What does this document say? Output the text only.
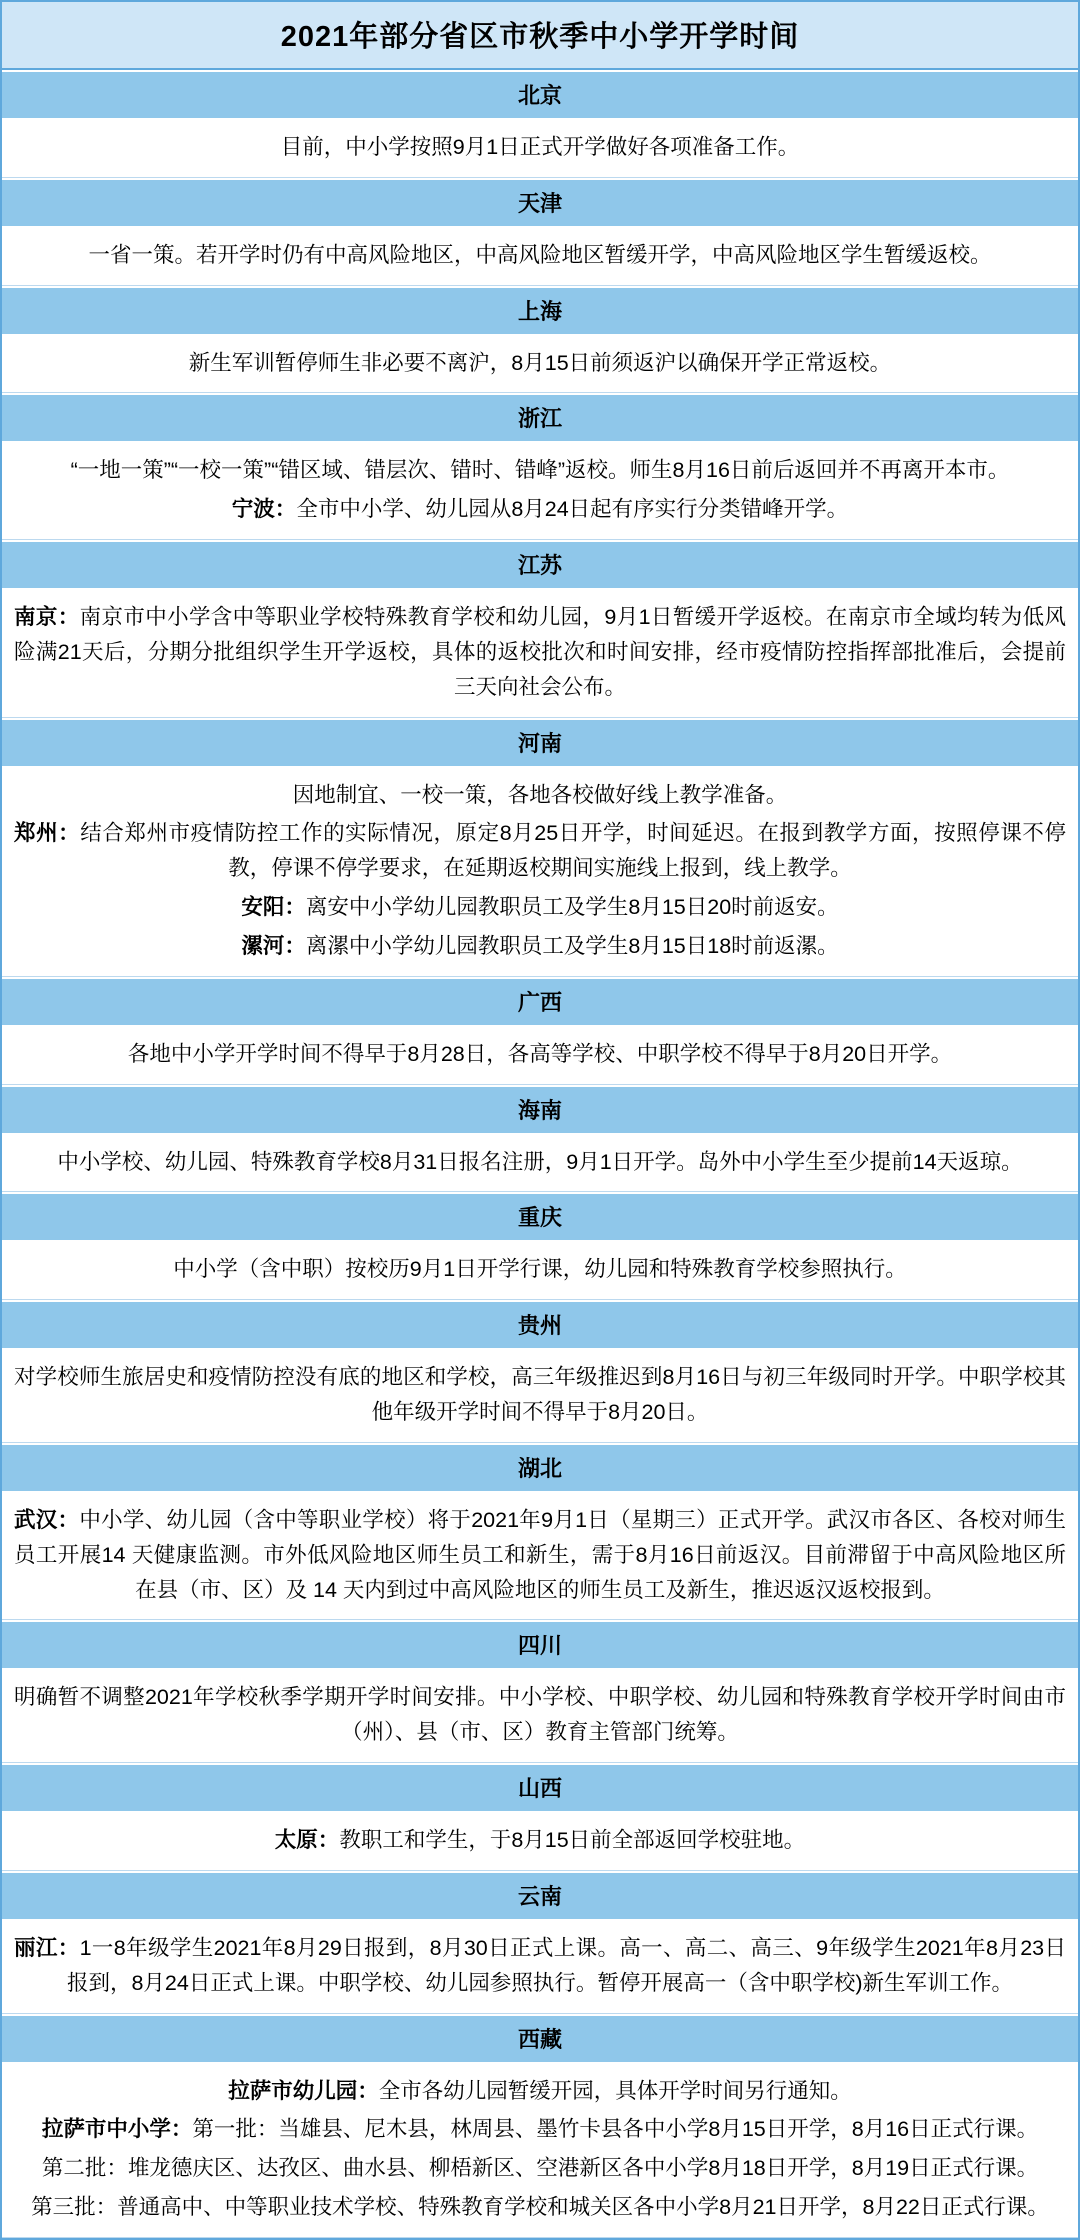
2021年部分省区市秋季中小学开学时间
北京
目前，中小学按照9月1日正式开学做好各项准备工作。
天津
一省一策。若开学时仍有中高风险地区，中高风险地区暂缓开学，中高风险地区学生暂缓返校。
上海
新生军训暂停师生非必要不离沪，8月15日前须返沪以确保开学正常返校。
浙江
“一地一策”“一校一策”“错区域、错层次、错时、错峰”返校。师生8月16日前后返回并不再离开本市。
宁波：全市中小学、幼儿园从8月24日起有序实行分类错峰开学。
江苏
南京：南京市中小学含中等职业学校特殊教育学校和幼儿园，9月1日暂缓开学返校。在南京市全域均转为低风险满21天后，分期分批组织学生开学返校，具体的返校批次和时间安排，经市疫情防控指挥部批准后，会提前三天向社会公布。
河南
因地制宜、一校一策，各地各校做好线上教学准备。
郑州：结合郑州市疫情防控工作的实际情况，原定8月25日开学，时间延迟。在报到教学方面，按照停课不停教，停课不停学要求，在延期返校期间实施线上报到，线上教学。
安阳：离安中小学幼儿园教职员工及学生8月15日20时前返安。
漯河：离漯中小学幼儿园教职员工及学生8月15日18时前返漯。
广西
各地中小学开学时间不得早于8月28日，各高等学校、中职学校不得早于8月20日开学。
海南
中小学校、幼儿园、特殊教育学校8月31日报名注册，9月1日开学。岛外中小学生至少提前14天返琼。
重庆
中小学（含中职）按校历9月1日开学行课，幼儿园和特殊教育学校参照执行。
贵州
对学校师生旅居史和疫情防控没有底的地区和学校，高三年级推迟到8月16日与初三年级同时开学。中职学校其他年级开学时间不得早于8月20日。
湖北
武汉：中小学、幼儿园（含中等职业学校）将于2021年9月1日（星期三）正式开学。武汉市各区、各校对师生员工开展14 天健康监测。市外低风险地区师生员工和新生，需于8月16日前返汉。目前滞留于中高风险地区所在县（市、区）及 14 天内到过中高风险地区的师生员工及新生，推迟返汉返校报到。
四川
明确暂不调整2021年学校秋季学期开学时间安排。中小学校、中职学校、幼儿园和特殊教育学校开学时间由市（州）、县（市、区）教育主管部门统筹。
山西
太原：教职工和学生，于8月15日前全部返回学校驻地。
云南
丽江：1一8年级学生2021年8月29日报到，8月30日正式上课。高一、高二、高三、9年级学生2021年8月23日报到，8月24日正式上课。中职学校、幼儿园参照执行。暂停开展高一（含中职学校)新生军训工作。
西藏
拉萨市幼儿园：全市各幼儿园暂缓开园，具体开学时间另行通知。
拉萨市中小学：第一批：当雄县、尼木县，林周县、墨竹卡县各中小学8月15日开学，8月16日正式行课。
第二批：堆龙德庆区、达孜区、曲水县、柳梧新区、空港新区各中小学8月18日开学，8月19日正式行课。
第三批：普通高中、中等职业技术学校、特殊教育学校和城关区各中小学8月21日开学，8月22日正式行课。
